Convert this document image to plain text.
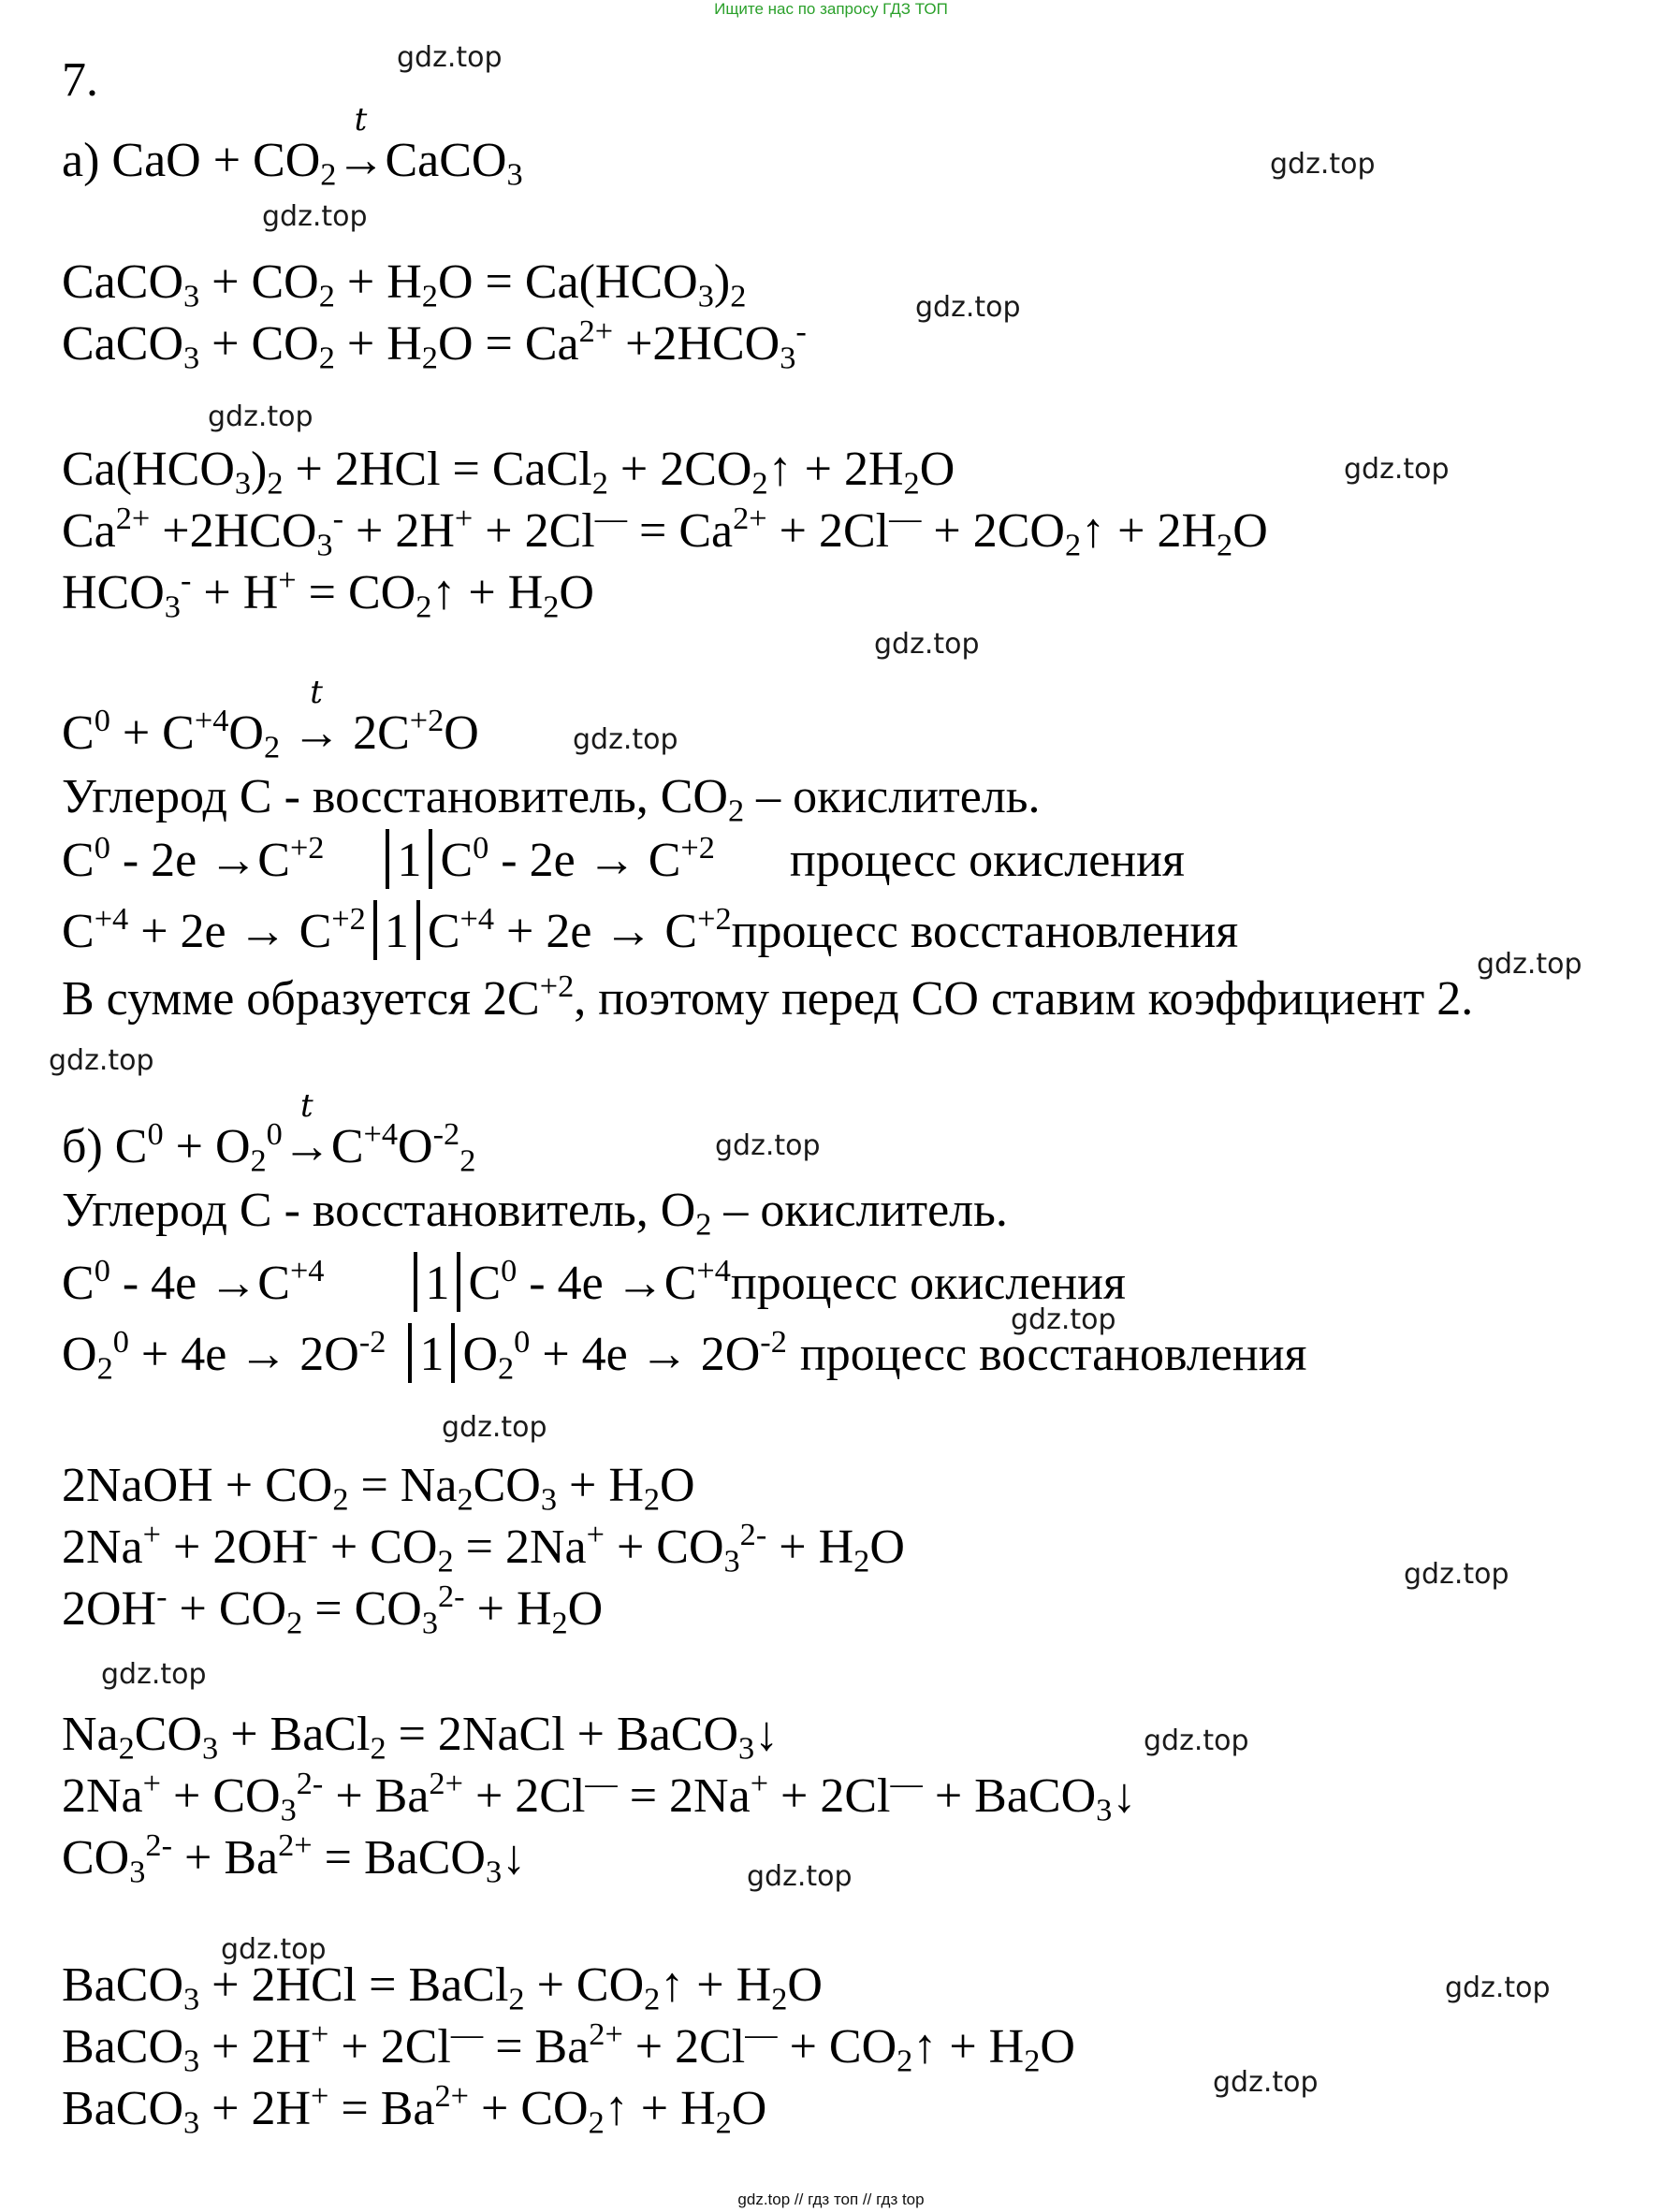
Ищите нас по запросу ГДЗ ТОП
gdz.top
gdz.top
gdz.top
gdz.top
gdz.top
gdz.top
gdz.top
gdz.top
gdz.top
gdz.top
gdz.top
gdz.top
gdz.top
gdz.top
gdz.top
gdz.top
gdz.top
gdz.top
gdz.top
gdz.top
7.
а) CaO + $CO_2$
t
→CaCO$_3$
CaCO$_3$ + $CO_2 + H_2O = Ca(HCO_3)_2$
CaCO$_3$ + $CO_2 + H_2O = Ca^{2+} +2HCO_3^-$
$Ca(HCO_3)_2 + 2HCl$ = CaCl$_2$ + $2CO_2↑ + 2H_2O$
$Ca^{2+} +2HCO_3^- + 2H^+ + 2Cl^— = Ca^{2+} + 2Cl^—$ + $2CO_2↑ + 2H_2O$
$HCO_3^- + H^+$ = $CO_2↑ + H_2O$
$C^0 + C^{+4}O_2$
t
→ $2C^{+2}O$
Углерод С - восстановитель, $CO_2$ – окислитель.
$C^0 - 2e \to C^{+2}$ 1 $C^0 - 2e \to C^{+2}$ процесс окисления
$C^{+4} + 2e \to C^{+2}$ 1 $C^{+4} + 2e$ → $C^{+2}процесс$ восстановления
В сумме образуется $2C^{+2}$, поэтому перед CO ставим коэффициент 2.
б) $C^0 + O_2^0$
t
$\to C^{+4}O^{-2}_2$
Углерод С - восстановитель, $O_2$ – окислитель.
$C^0 - 4e \to C^{+4}$ 1 $C^0 - 4e$ $\to C^{+4}процесс$ окисления
$O_2^0 + 4e \to 2O^{-2}$ 1 $O_2^0 + 4e \to 2O^{-2}$ процесс восстановления
2NaOH + $CO_2 = Na_2CO_3 + H_2O$
$2Na^+ + 2OH^- + CO_2 = 2Na^+ + CO_3^{2-} + H_2O$
$2OH^- + CO_2 = CO_3^{2-} + H_2O$
$Na_2CO_3$ + BaCl$_2$ = 2NaCl + BaCO$_3$↓
$2Na^+ + CO_3^{2-} + Ba^{2+} + 2Cl^— = 2Na^+ + 2Cl^—$ + BaCO$_3$↓
$CO_3^{2-} + Ba^{2+}$ = BaCO$_3$↓
BaCO$_3$ + 2HCl = BaCl$_2$ + $CO_2↑ + H_2O$
BaCO$_3$ + $2H^+ + 2Cl^— = Ba^{2+} + 2Cl^—$ + $CO_2↑ + H_2O$
BaCO$_3$ + $2H^+ = Ba^{2+}$ + $CO_2↑ + H_2O$
gdz.top // гдз топ // гдз top
